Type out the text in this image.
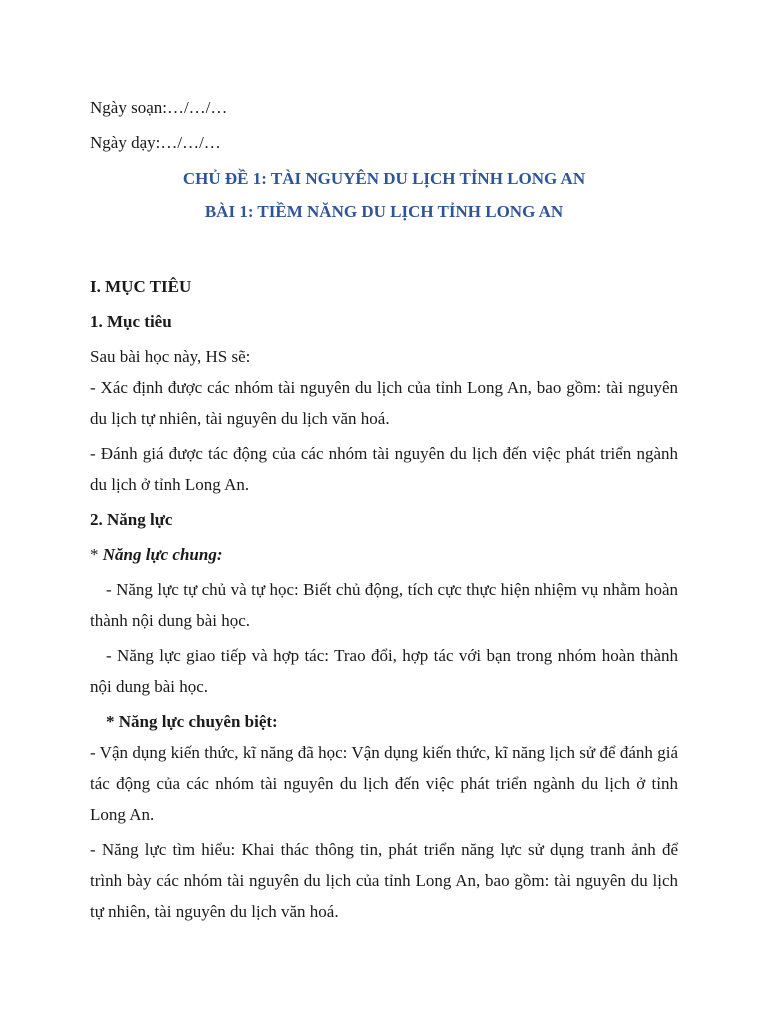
Ngày soạn:…/…/…
Ngày dạy:…/…/…
CHỦ ĐỀ 1: TÀI NGUYÊN DU LỊCH TỈNH LONG AN
BÀI 1: TIỀM NĂNG DU LỊCH TỈNH LONG AN
I. MỤC TIÊU
1. Mục tiêu
Sau bài học này, HS sẽ:
- Xác định được các nhóm tài nguyên du lịch của tỉnh Long An, bao gồm: tài nguyên du lịch tự nhiên, tài nguyên du lịch văn hoá.
- Đánh giá được tác động của các nhóm tài nguyên du lịch đến việc phát triển ngành du lịch ở tỉnh Long An.
2. Năng lực
* Năng lực chung:
- Năng lực tự chủ và tự học: Biết chủ động, tích cực thực hiện nhiệm vụ nhằm hoàn thành nội dung bài học.
- Năng lực giao tiếp và hợp tác: Trao đổi, hợp tác với bạn trong nhóm hoàn thành nội dung bài học.
* Năng lực chuyên biệt:
- Vận dụng kiến thức, kĩ năng đã học: Vận dụng kiến thức, kĩ năng lịch sử để đánh giá tác động của các nhóm tài nguyên du lịch đến việc phát triển ngành du lịch ở tỉnh Long An.
- Năng lực tìm hiểu: Khai thác thông tin, phát triển năng lực sử dụng tranh ảnh để trình bày các nhóm tài nguyên du lịch của tỉnh Long An, bao gồm: tài nguyên du lịch tự nhiên, tài nguyên du lịch văn hoá.
